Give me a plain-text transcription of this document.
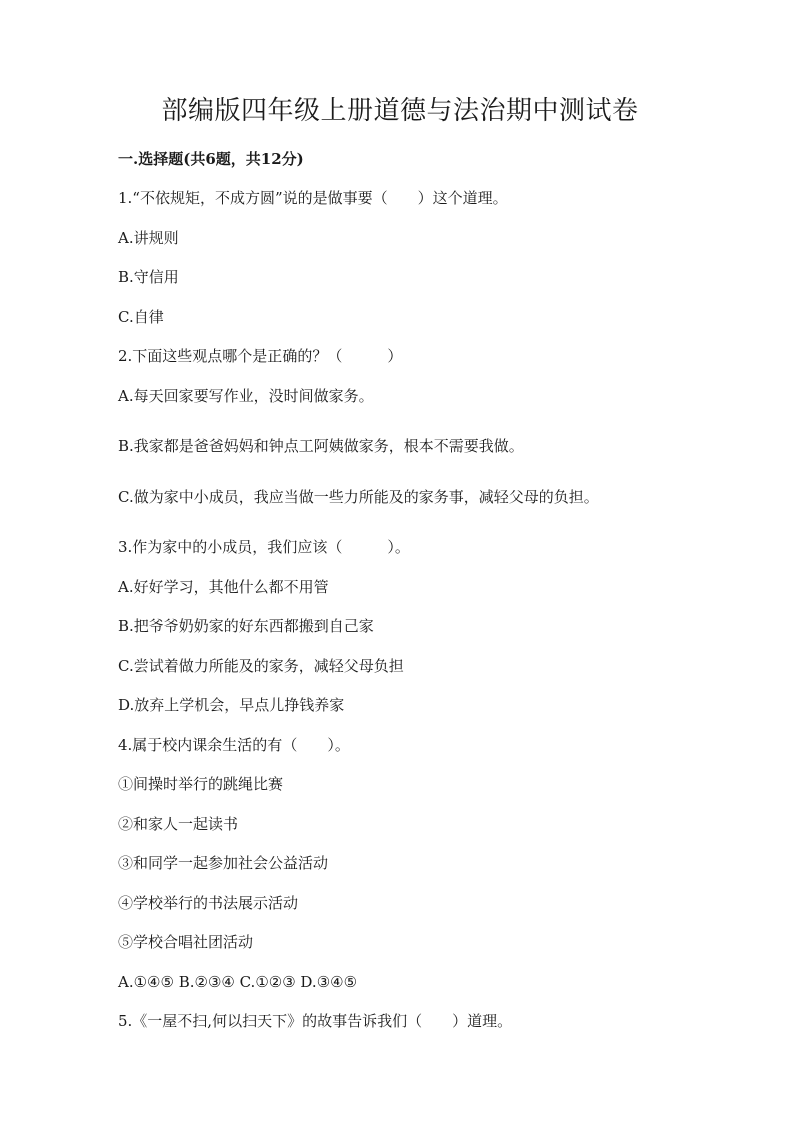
部编版四年级上册道德与法治期中测试卷
一.选择题(共6题，共12分)
1.“不依规矩，不成方圆”说的是做事要（　　）这个道理。
A.讲规则
B.守信用
C.自律
2.下面这些观点哪个是正确的？（　　　）
A.每天回家要写作业，没时间做家务。
B.我家都是爸爸妈妈和钟点工阿姨做家务，根本不需要我做。
C.做为家中小成员，我应当做一些力所能及的家务事，减轻父母的负担。
3.作为家中的小成员，我们应该（　　　）。
A.好好学习，其他什么都不用管
B.把爷爷奶奶家的好东西都搬到自己家
C.尝试着做力所能及的家务，减轻父母负担
D.放弃上学机会，早点儿挣钱养家
4.属于校内课余生活的有（　　）。
①间操时举行的跳绳比赛
②和家人一起读书
③和同学一起参加社会公益活动
④学校举行的书法展示活动
⑤学校合唱社团活动
A.①④⑤ B.②③④ C.①②③ D.③④⑤
5.《一屋不扫,何以扫天下》的故事告诉我们（　　）道理。
